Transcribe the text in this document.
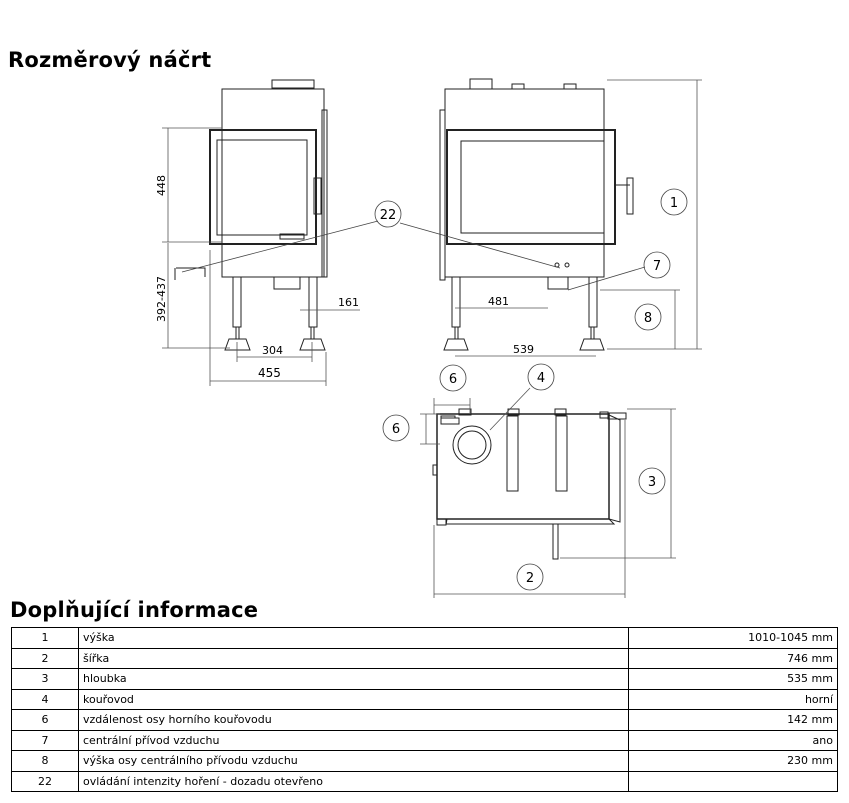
Rozměrový náčrt
448
392-437	161
304
455
481
539
22
1
7
8
6	4
6
3
2
Doplňující informace
1	výška	1010-1045 mm
2	šířka	746 mm
3	hloubka	535 mm
4	kouřovod	horní
6	vzdálenost osy horního kouřovodu	142 mm
7	centrální přívod vzduchu	ano
8	výška osy centrálního přívodu vzduchu	230 mm
22	ovládání intenzity hoření - dozadu otevřeno	
